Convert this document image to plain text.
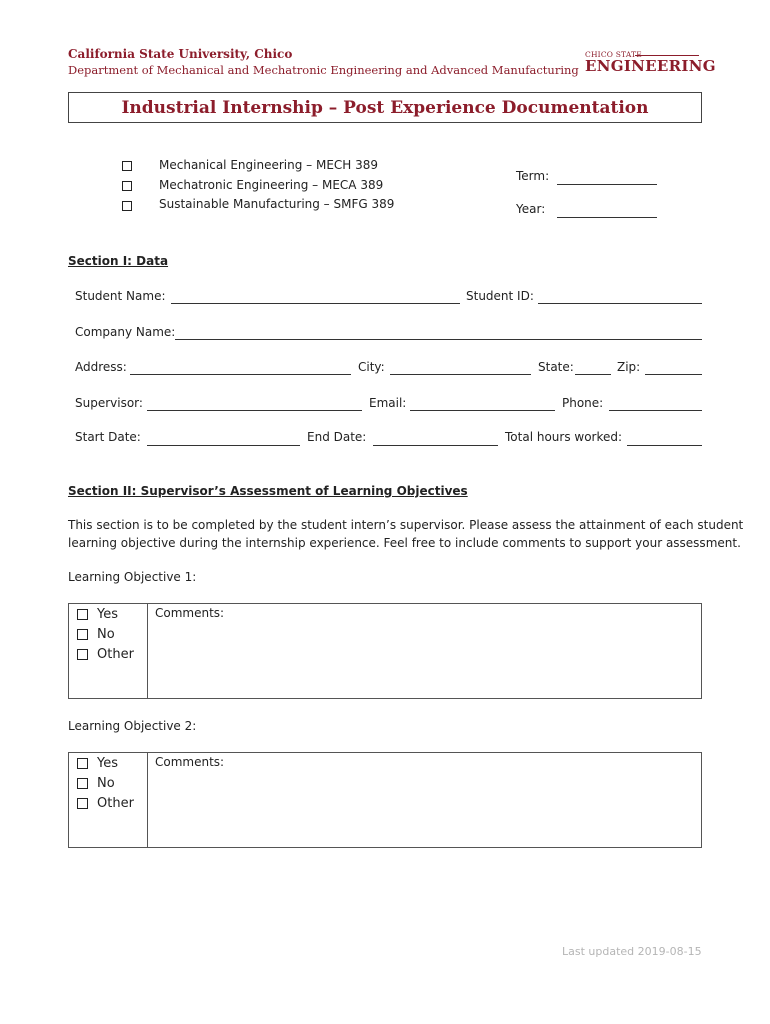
California State University, Chico
Department of Mechanical and Mechatronic Engineering and Advanced Manufacturing
CHICO STATE
ENGINEERING
Industrial Internship – Post Experience Documentation
Mechanical Engineering – MECH 389
Mechatronic Engineering – MECA 389
Sustainable Manufacturing – SMFG 389
Term:
Year:
Section I: Data
Student Name:	Student ID:
Company Name:
Address:	City:	State:	Zip:
Supervisor:	Email:	Phone:
Start Date:	End Date:	Total hours worked:
Section II: Supervisor’s Assessment of Learning Objectives
This section is to be completed by the student intern’s supervisor. Please assess the attainment of each student
learning objective during the internship experience. Feel free to include comments to support your assessment.
Learning Objective 1:
Yes
No
Other
Comments:
Learning Objective 2:
Yes
No
Other
Comments:
Last updated 2019-08-15
